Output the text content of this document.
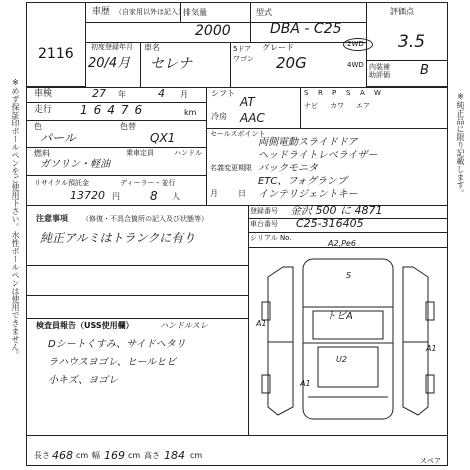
※めず保証印ボールペンをご使用下さい。水性ボールペンは使用できません。	※純正品に限り記載します。
2116
車歴 （自家用以外は記入）
排気量
2000
型式
DBA - C25
評価点
3.5
2WD
4WD 内装補助評価 B
初度登録年月
20/4月
車名
セレナ
5ドア
ワゴン
グレード
20G
車検	27 年	4 月
走行 16476	km
色
パール
色替
QX1
燃料
ガソリン・軽油
乗車定員	ハンドル
リサイクル預託金
13720 円
ディーラー・並行
8 人
シフト
AT
冷房 AAC
S R P S A W
ナビ カワ エア
セールスポイント
両側電動スライドドア
ヘッドライトレベライザー
バックモニタ
ETC、フォグランプ
インテリジェントキー
名義変更期限
月	日
登録番号 金沢 500 に 4871
車台番号 C25-316405
シリアル No.
注意事項 （修復・不具合箇所の記入及び状態等）
純正アルミはトランクに有り
検査員報告（USS使用欄）	ハンドルスレ
Dシートくすみ、サイドヘタリ
ラハウスヨゴレ、ヒールヒビ
小キズ、ヨゴレ
A2,Pe6
S
トビA
A1
A1
U2
A1
長さ 468 cm 幅 169 cm 高さ 184 cm
スペア
